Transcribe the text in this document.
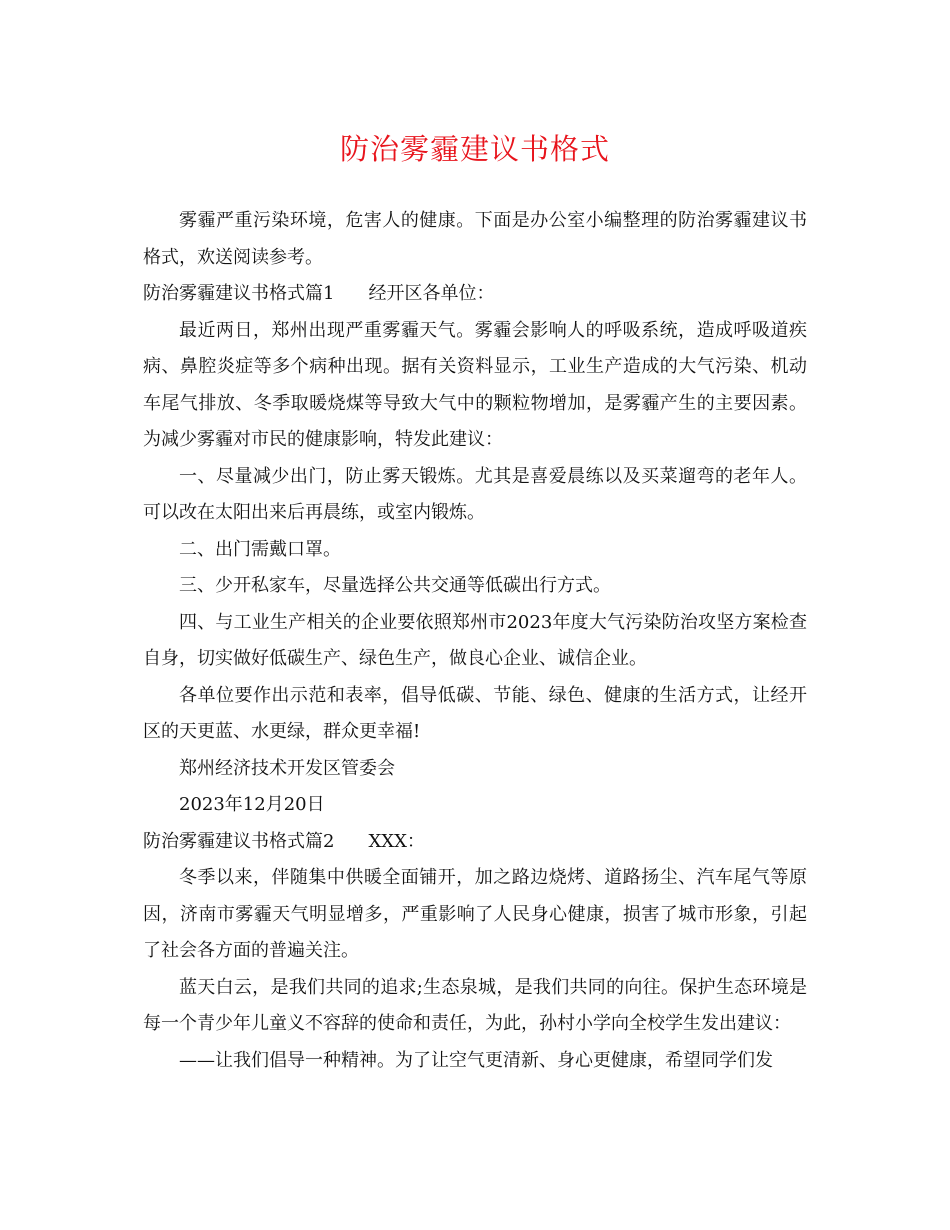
防治雾霾建议书格式

雾霾严重污染环境，危害人的健康。下面是办公室小编整理的防治雾霾建议书格式，欢送阅读参考。

防治雾霾建议书格式篇1 经开区各单位：

最近两日，郑州出现严重雾霾天气。雾霾会影响人的呼吸系统，造成呼吸道疾病、鼻腔炎症等多个病种出现。据有关资料显示，工业生产造成的大气污染、机动车尾气排放、冬季取暖烧煤等导致大气中的颗粒物增加，是雾霾产生的主要因素。为减少雾霾对市民的健康影响，特发此建议：

一、尽量减少出门，防止雾天锻炼。尤其是喜爱晨练以及买菜遛弯的老年人。可以改在太阳出来后再晨练，或室内锻炼。

二、出门需戴口罩。

三、少开私家车，尽量选择公共交通等低碳出行方式。

四、与工业生产相关的企业要依照郑州市2023年度大气污染防治攻坚方案检查自身，切实做好低碳生产、绿色生产，做良心企业、诚信企业。

各单位要作出示范和表率，倡导低碳、节能、绿色、健康的生活方式，让经开区的天更蓝、水更绿，群众更幸福!

郑州经济技术开发区管委会

2023年12月20日

防治雾霾建议书格式篇2 XXX：

冬季以来，伴随集中供暖全面铺开，加之路边烧烤、道路扬尘、汽车尾气等原因，济南市雾霾天气明显增多，严重影响了人民身心健康，损害了城市形象，引起了社会各方面的普遍关注。

蓝天白云，是我们共同的追求;生态泉城，是我们共同的向往。保护生态环境是每一个青少年儿童义不容辞的使命和责任，为此，孙村小学向全校学生发出建议：

——让我们倡导一种精神。为了让空气更清新、身心更健康，希望同学们发
